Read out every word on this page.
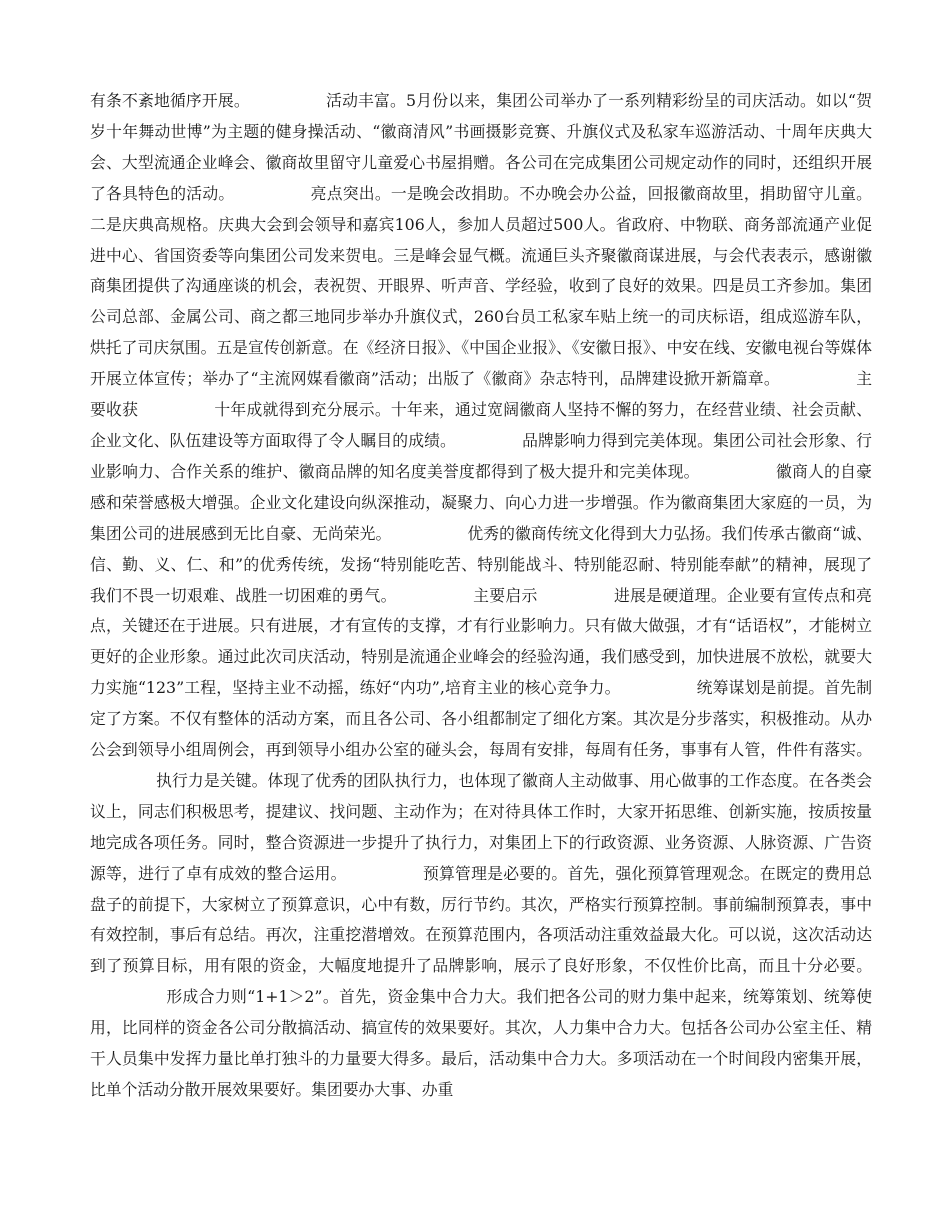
有条不紊地循序开展。	活动丰富。5月份以来，集团公司举办了一系列精彩纷呈的司庆活动。如以“贺岁十年舞动世博”为主题的健身操活动、“徽商清风”书画摄影竞赛、升旗仪式及私家车巡游活动、十周年庆典大会、大型流通企业峰会、徽商故里留守儿童爱心书屋捐赠。各公司在完成集团公司规定动作的同时，还组织开展了各具特色的活动。	亮点突出。一是晚会改捐助。不办晚会办公益，回报徽商故里，捐助留守儿童。二是庆典高规格。庆典大会到会领导和嘉宾106人，参加人员超过500人。省政府、中物联、商务部流通产业促进中心、省国资委等向集团公司发来贺电。三是峰会显气概。流通巨头齐聚徽商谋进展，与会代表表示，感谢徽商集团提供了沟通座谈的机会，表祝贺、开眼界、听声音、学经验，收到了良好的效果。四是员工齐参加。集团公司总部、金属公司、商之都三地同步举办升旗仪式，260台员工私家车贴上统一的司庆标语，组成巡游车队，烘托了司庆氛围。五是宣传创新意。在《经济日报》、《中国企业报》、《安徽日报》、中安在线、安徽电视台等媒体开展立体宣传；举办了“主流网媒看徽商”活动；出版了《徽商》杂志特刊，品牌建设掀开新篇章。	主要收获	十年成就得到充分展示。十年来，通过宽阔徽商人坚持不懈的努力，在经营业绩、社会贡献、企业文化、队伍建设等方面取得了令人瞩目的成绩。	品牌影响力得到完美体现。集团公司社会形象、行业影响力、合作关系的维护、徽商品牌的知名度美誉度都得到了极大提升和完美体现。	徽商人的自豪感和荣誉感极大增强。企业文化建设向纵深推动，凝聚力、向心力进一步增强。作为徽商集团大家庭的一员，为集团公司的进展感到无比自豪、无尚荣光。	优秀的徽商传统文化得到大力弘扬。我们传承古徽商“诚、信、勤、义、仁、和”的优秀传统，发扬“特别能吃苦、特别能战斗、特别能忍耐、特别能奉献”的精神，展现了我们不畏一切艰难、战胜一切困难的勇气。	主要启示	进展是硬道理。企业要有宣传点和亮点，关键还在于进展。只有进展，才有宣传的支撑，才有行业影响力。只有做大做强，才有“话语权”，才能树立更好的企业形象。通过此次司庆活动，特别是流通企业峰会的经验沟通，我们感受到，加快进展不放松，就要大力实施“123”工程，坚持主业不动摇，练好“内功”,培育主业的核心竞争力。	统筹谋划是前提。首先制定了方案。不仅有整体的活动方案，而且各公司、各小组都制定了细化方案。其次是分步落实，积极推动。从办公会到领导小组周例会，再到领导小组办公室的碰头会，每周有安排，每周有任务，事事有人管，件件有落实。执行力是关键。体现了优秀的团队执行力，也体现了徽商人主动做事、用心做事的工作态度。在各类会议上，同志们积极思考，提建议、找问题、主动作为；在对待具体工作时，大家开拓思维、创新实施，按质按量地完成各项任务。同时，整合资源进一步提升了执行力，对集团上下的行政资源、业务资源、人脉资源、广告资源等，进行了卓有成效的整合运用。	预算管理是必要的。首先，强化预算管理观念。在既定的费用总盘子的前提下，大家树立了预算意识，心中有数，厉行节约。其次，严格实行预算控制。事前编制预算表，事中有效控制，事后有总结。再次，注重挖潜增效。在预算范围内，各项活动注重效益最大化。可以说，这次活动达到了预算目标，用有限的资金，大幅度地提升了品牌影响，展示了良好形象，不仅性价比高，而且十分必要。形成合力则“1+1＞2”。首先，资金集中合力大。我们把各公司的财力集中起来，统筹策划、统筹使用，比同样的资金各公司分散搞活动、搞宣传的效果要好。其次，人力集中合力大。包括各公司办公室主任、精干人员集中发挥力量比单打独斗的力量要大得多。最后，活动集中合力大。多项活动在一个时间段内密集开展，比单个活动分散开展效果要好。集团要办大事、办重
